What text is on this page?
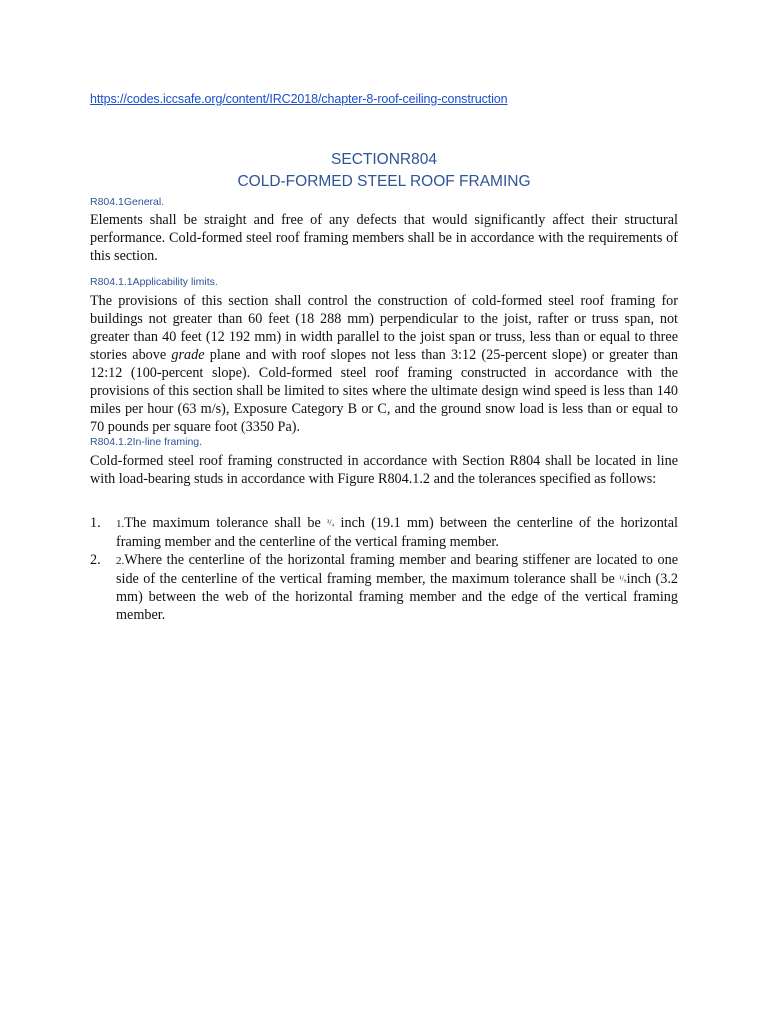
https://codes.iccsafe.org/content/IRC2018/chapter-8-roof-ceiling-construction
SECTIONR804
COLD-FORMED STEEL ROOF FRAMING
R804.1General.
Elements shall be straight and free of any defects that would significantly affect their structural performance. Cold-formed steel roof framing members shall be in accordance with the requirements of this section.
R804.1.1Applicability limits.
The provisions of this section shall control the construction of cold-formed steel roof framing for buildings not greater than 60 feet (18 288 mm) perpendicular to the joist, rafter or truss span, not greater than 40 feet (12 192 mm) in width parallel to the joist span or truss, less than or equal to three stories above grade plane and with roof slopes not less than 3:12 (25-percent slope) or greater than 12:12 (100-percent slope). Cold-formed steel roof framing constructed in accordance with the provisions of this section shall be limited to sites where the ultimate design wind speed is less than 140 miles per hour (63 m/s), Exposure Category B or C, and the ground snow load is less than or equal to 70 pounds per square foot (3350 Pa).
R804.1.2In-line framing.
Cold-formed steel roof framing constructed in accordance with Section R804 shall be located in line with load-bearing studs in accordance with Figure R804.1.2 and the tolerances specified as follows:
1.	1.The maximum tolerance shall be ³/₄ inch (19.1 mm) between the centerline of the horizontal framing member and the centerline of the vertical framing member.
2.	2.Where the centerline of the horizontal framing member and bearing stiffener are located to one side of the centerline of the vertical framing member, the maximum tolerance shall be ¹/₈inch (3.2 mm) between the web of the horizontal framing member and the edge of the vertical framing member.
